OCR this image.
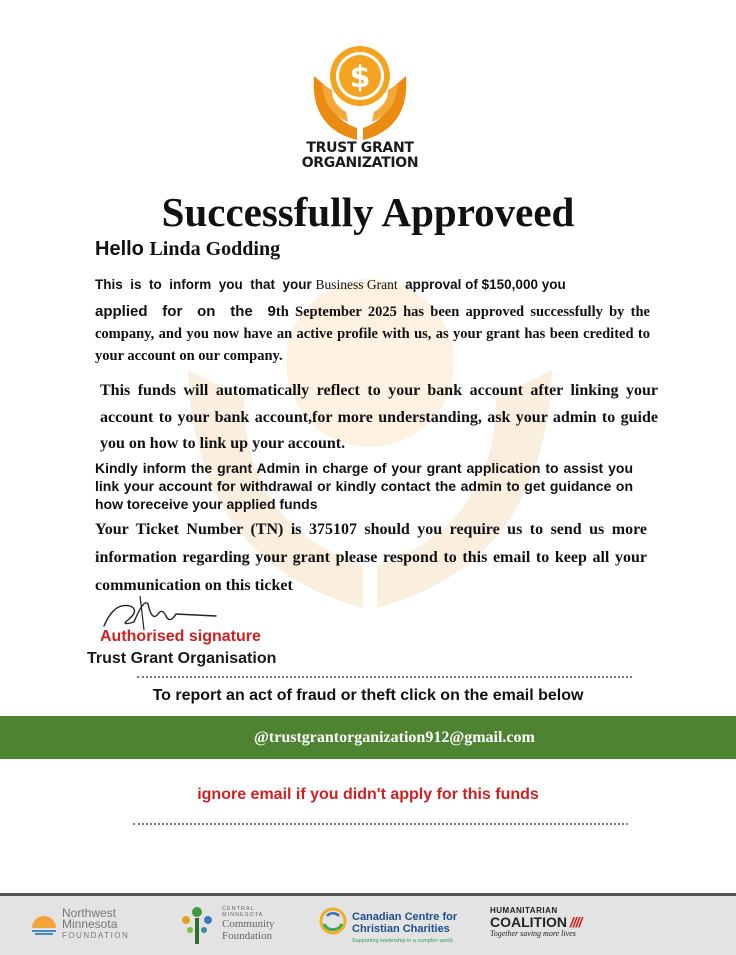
$
TRUST GRANT
ORGANIZATION
Successfully Approveed

Hello Linda Godding

This  is  to  inform  you  that  your Business Grant  approval of $150,000 you

applied for on the 9th September 2025 has been approved successfully by the company, and you now have an active profile with us, as your grant has been credited to your account on our company.

This funds will automatically reflect to your bank account after linking your account to your bank account,for more understanding, ask your admin to guide you on how to link up your account.

Kindly inform the grant Admin in charge of your grant application to assist you link your account for withdrawal or kindly contact the admin to get guidance on how toreceive your applied funds

Your Ticket Number (TN) is 375107 should you require us to send us more information regarding your grant please respond to this email to keep all your communication on this ticket

Authorised signature

Trust Grant Organisation

To report an act of fraud or theft click on the email below

@trustgrantorganization912@gmail.com

ignore email if you didn't apply for this funds

Northwest
Minnesota
FOUNDATION
CENTRAL
MINNESOTA
Community
Foundation
Canadian Centre for
Christian Charities
Supporting leadership in a complex world
HUMANITARIAN
COALITION ////
Together saving more lives
